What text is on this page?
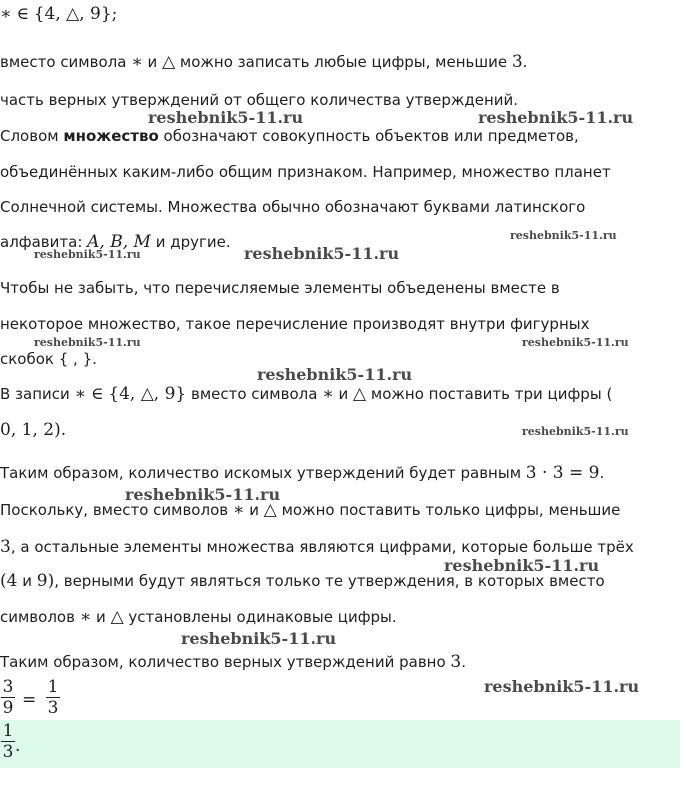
∗ ∈ {4, △, 9};
вместо символа ∗ и △ можно записать любые цифры, меньшие 3.
часть верных утверждений от общего количества утверждений.
Словом множество обозначают совокупность объектов или предметов,
объединённых каким-либо общим признаком. Например, множество планет
Солнечной системы. Множества обычно обозначают буквами латинского
алфавита: A, B, M и другие.
Чтобы не забыть, что перечисляемые элементы объеденены вместе в
некоторое множество, такое перечисление производят внутри фигурных
скобок { , }.
В записи ∗ ∈ {4, △, 9} вместо символа ∗ и △ можно поставить три цифры (
0, 1, 2).
Таким образом, количество искомых утверждений будет равным 3 · 3 = 9.
Поскольку, вместо символов ∗ и △ можно поставить только цифры, меньшие
3, а остальные элементы множества являются цифрами, которые больше трёх
(4 и 9), верными будут являться только те утверждения, в которых вместо
символов ∗ и △ установлены одинаковые цифры.
Таким образом, количество верных утверждений равно 3.
3
9 =
1
3
1
3 .
reshebnik5-11.ru	reshebnik5-11.ru
reshebnik5-11.ru
reshebnik5-11.ru	reshebnik5-11.ru
reshebnik5-11.ru	reshebnik5-11.ru
reshebnik5-11.ru
reshebnik5-11.ru
reshebnik5-11.ru
reshebnik5-11.ru
reshebnik5-11.ru
reshebnik5-11.ru
